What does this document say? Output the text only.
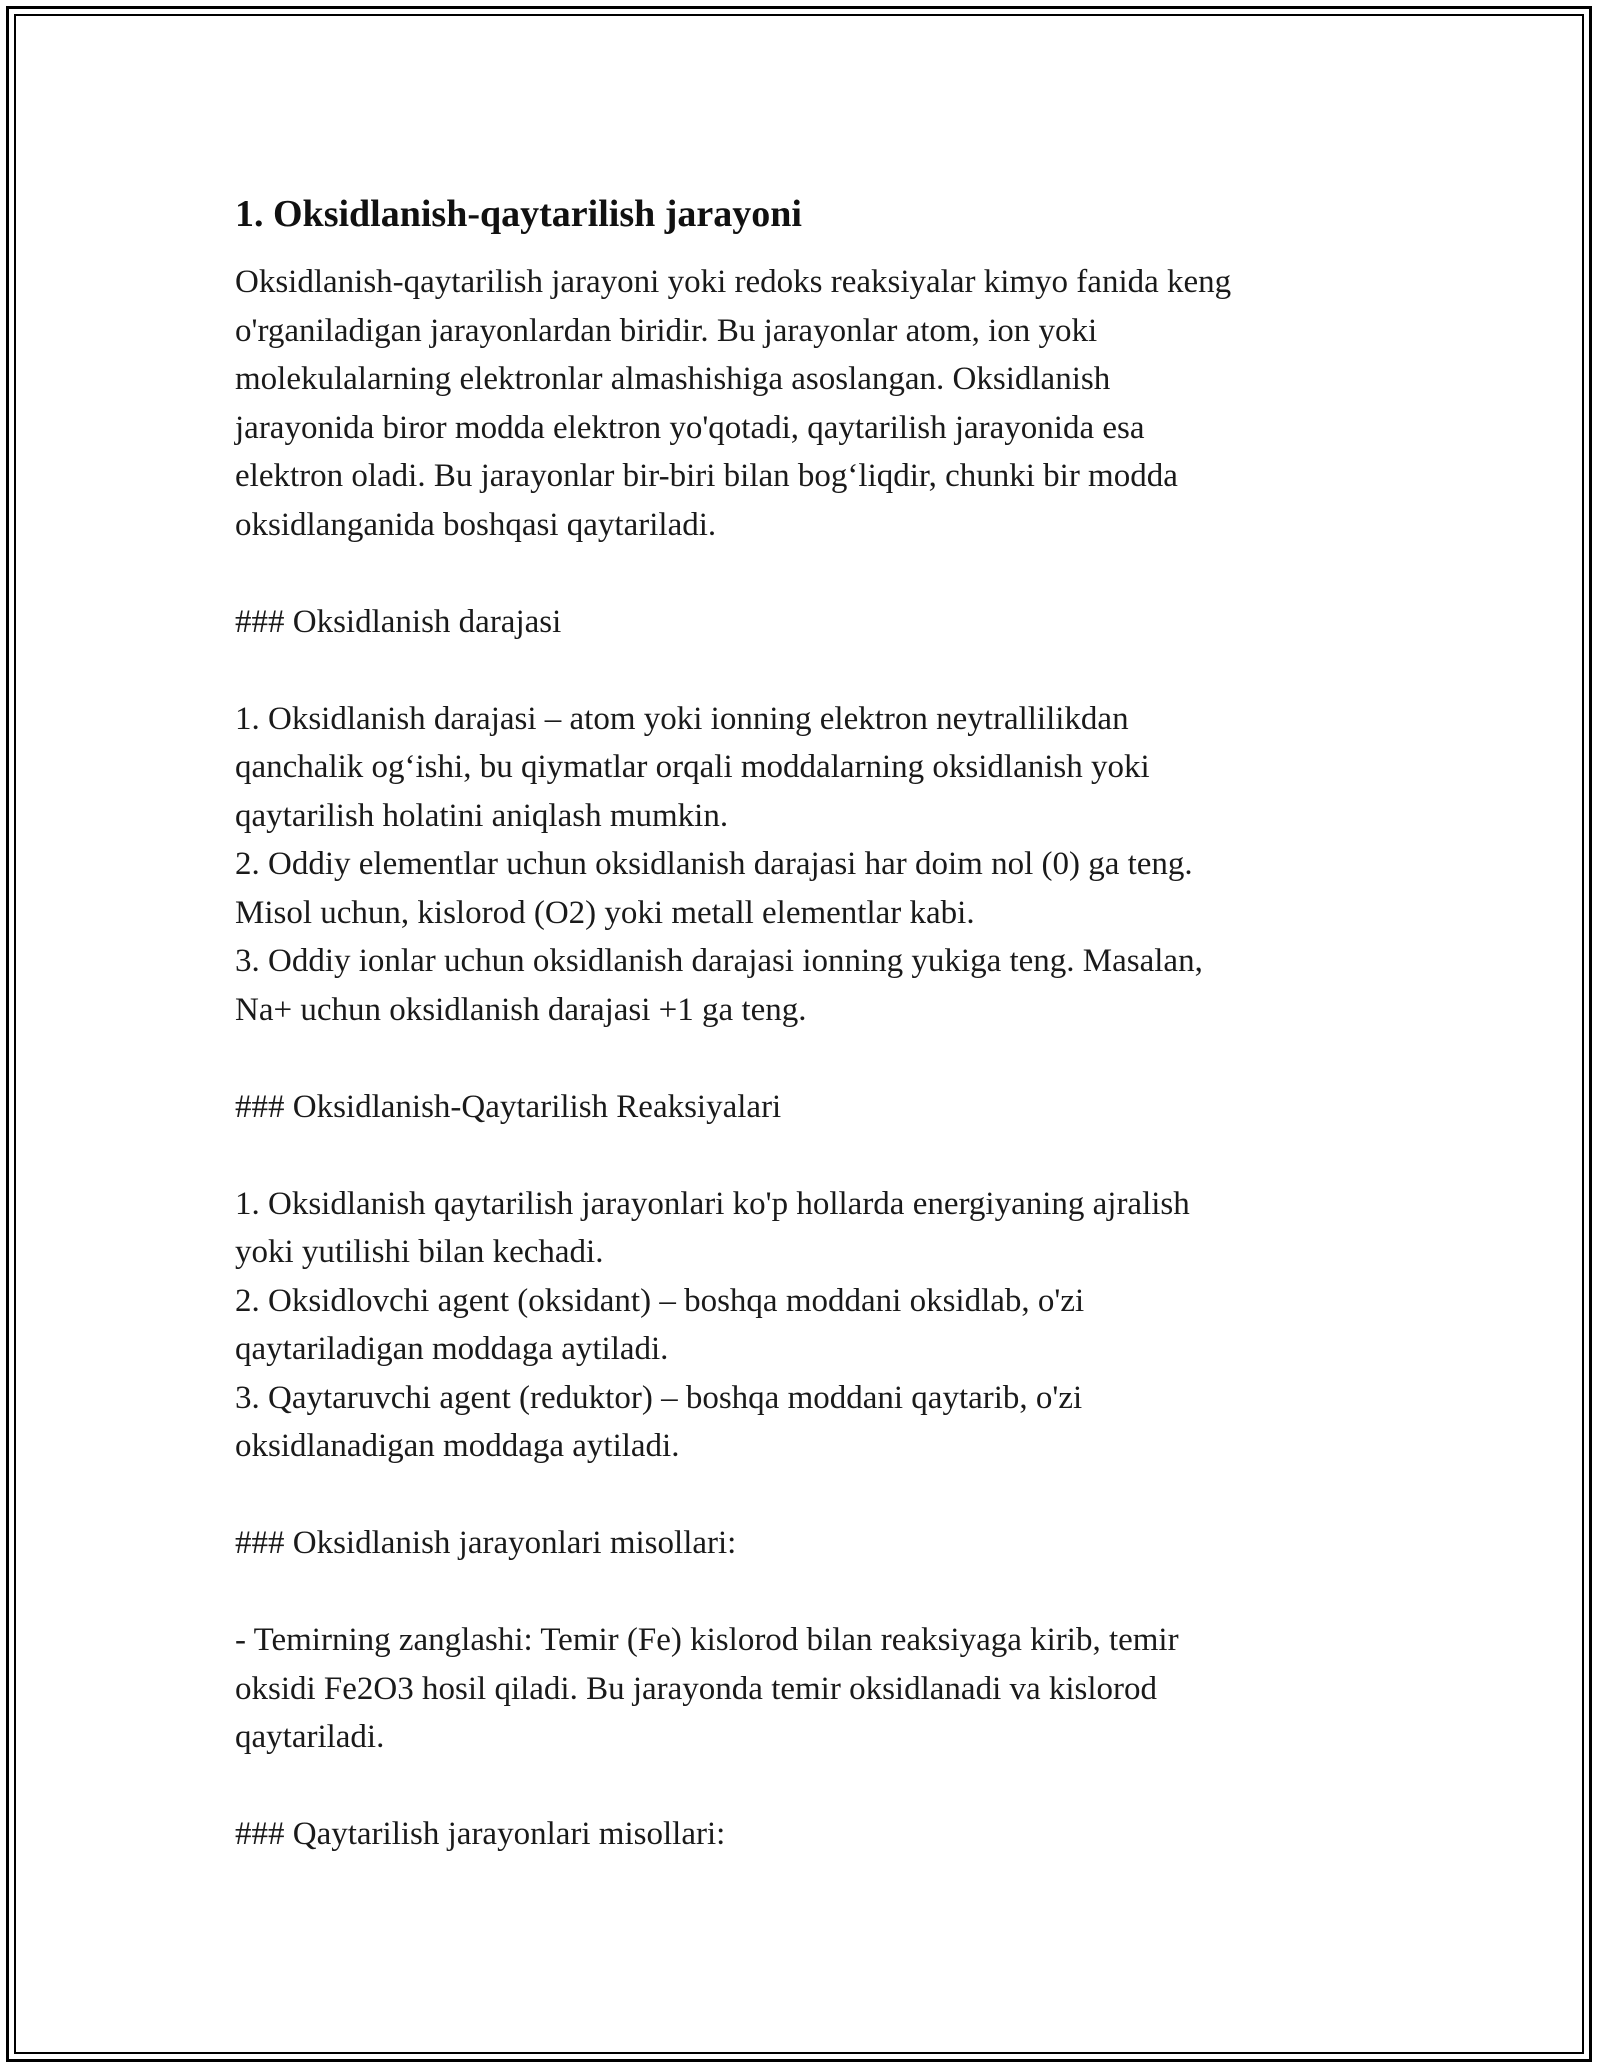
1. Oksidlanish-qaytarilish jarayoni
Oksidlanish-qaytarilish jarayoni yoki redoks reaksiyalar kimyo fanida keng
o'rganiladigan jarayonlardan biridir. Bu jarayonlar atom, ion yoki
molekulalarning elektronlar almashishiga asoslangan. Oksidlanish
jarayonida biror modda elektron yo'qotadi, qaytarilish jarayonida esa
elektron oladi. Bu jarayonlar bir-biri bilan bog‘liqdir, chunki bir modda
oksidlanganida boshqasi qaytariladi.
### Oksidlanish darajasi
1. Oksidlanish darajasi – atom yoki ionning elektron neytrallilikdan
qanchalik og‘ishi, bu qiymatlar orqali moddalarning oksidlanish yoki
qaytarilish holatini aniqlash mumkin.
2. Oddiy elementlar uchun oksidlanish darajasi har doim nol (0) ga teng.
Misol uchun, kislorod (O2) yoki metall elementlar kabi.
3. Oddiy ionlar uchun oksidlanish darajasi ionning yukiga teng. Masalan,
Na+ uchun oksidlanish darajasi +1 ga teng.
### Oksidlanish-Qaytarilish Reaksiyalari
1. Oksidlanish qaytarilish jarayonlari ko'p hollarda energiyaning ajralish
yoki yutilishi bilan kechadi.
2. Oksidlovchi agent (oksidant) – boshqa moddani oksidlab, o'zi
qaytariladigan moddaga aytiladi.
3. Qaytaruvchi agent (reduktor) – boshqa moddani qaytarib, o'zi
oksidlanadigan moddaga aytiladi.
### Oksidlanish jarayonlari misollari:
- Temirning zanglashi: Temir (Fe) kislorod bilan reaksiyaga kirib, temir
oksidi Fe2O3 hosil qiladi. Bu jarayonda temir oksidlanadi va kislorod
qaytariladi.
### Qaytarilish jarayonlari misollari:
